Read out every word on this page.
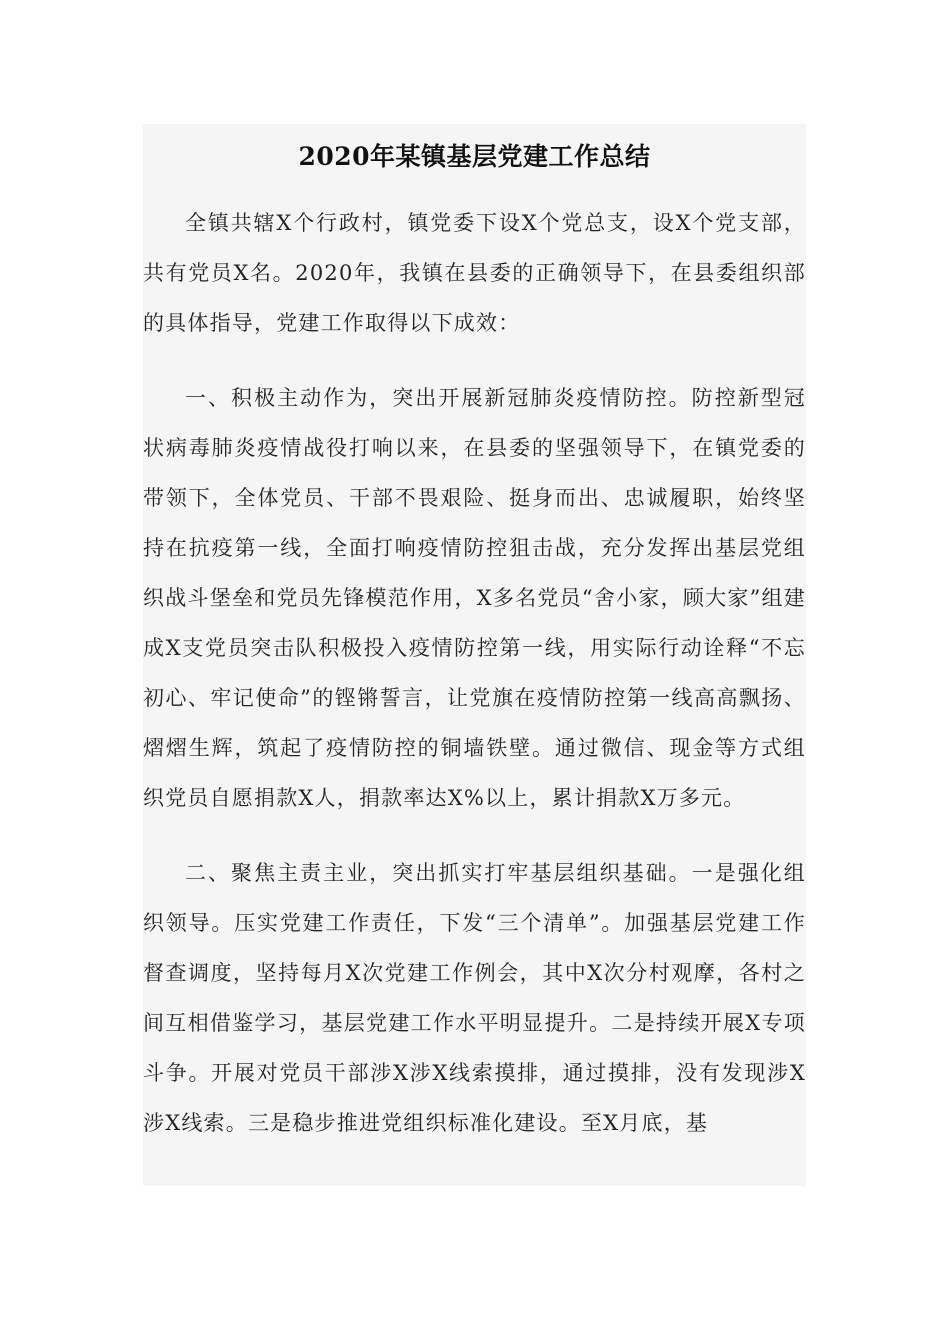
2020年某镇基层党建工作总结

全镇共辖X个行政村，镇党委下设X个党总支，设X个党支部，共有党员X名。2020年，我镇在县委的正确领导下，在县委组织部的具体指导，党建工作取得以下成效：

一、积极主动作为，突出开展新冠肺炎疫情防控。防控新型冠状病毒肺炎疫情战役打响以来，在县委的坚强领导下，在镇党委的带领下，全体党员、干部不畏艰险、挺身而出、忠诚履职，始终坚持在抗疫第一线，全面打响疫情防控狙击战，充分发挥出基层党组织战斗堡垒和党员先锋模范作用，X多名党员“舍小家，顾大家”组建成X支党员突击队积极投入疫情防控第一线，用实际行动诠释“不忘初心、牢记使命”的铿锵誓言，让党旗在疫情防控第一线高高飘扬、熠熠生辉，筑起了疫情防控的铜墙铁壁。通过微信、现金等方式组织党员自愿捐款X人，捐款率达X%以上，累计捐款X万多元。

二、聚焦主责主业，突出抓实打牢基层组织基础。一是强化组织领导。压实党建工作责任，下发“三个清单”。加强基层党建工作督查调度，坚持每月X次党建工作例会，其中X次分村观摩，各村之间互相借鉴学习，基层党建工作水平明显提升。二是持续开展X专项斗争。开展对党员干部涉X涉X线索摸排，通过摸排，没有发现涉X涉X线索。三是稳步推进党组织标准化建设。至X月底，基
